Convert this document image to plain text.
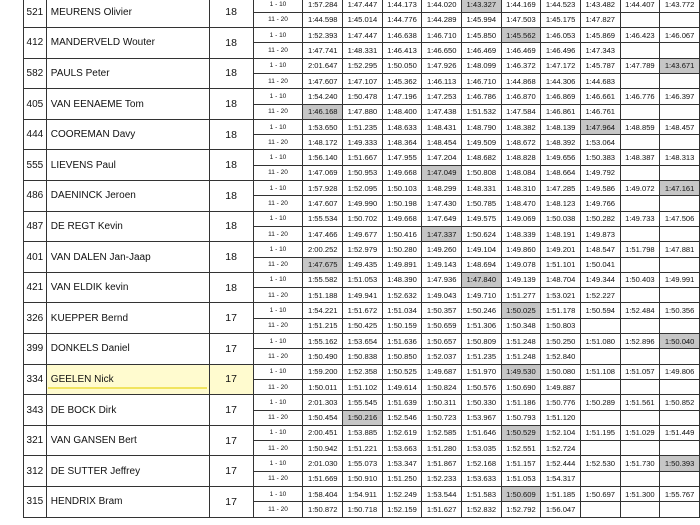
521	MEURENS Olivier	18	1 - 10	1:57.284	1:47.447	1:44.173	1:44.020	1:43.327	1:44.169	1:44.523	1:43.482	1:44.407	1:43.772
			11 - 20	1:44.598	1:45.014	1:44.776	1:44.289	1:45.994	1:47.503	1:45.175	1:47.827		
412	MANDERVELD Wouter	18	1 - 10	1:52.393	1:47.447	1:46.638	1:46.710	1:45.850	1:45.562	1:46.053	1:45.869	1:46.423	1:46.067
			11 - 20	1:47.741	1:48.331	1:46.413	1:46.650	1:46.469	1:46.469	1:46.496	1:47.343		
582	PAULS Peter	18	1 - 10	2:01.647	1:52.295	1:50.050	1:47.926	1:48.099	1:46.372	1:47.172	1:45.787	1:47.789	1:43.671
			11 - 20	1:47.607	1:47.107	1:45.362	1:46.113	1:46.710	1:44.868	1:44.306	1:44.683		
405	VAN EENAEME Tom	18	1 - 10	1:54.240	1:50.478	1:47.196	1:47.253	1:46.786	1:46.870	1:46.869	1:46.661	1:46.776	1:46.397
			11 - 20	1:46.168	1:47.880	1:48.400	1:47.438	1:51.532	1:47.584	1:46.861	1:46.761		
444	COOREMAN Davy	18	1 - 10	1:53.650	1:51.235	1:48.633	1:48.431	1:48.790	1:48.382	1:48.139	1:47.964	1:48.859	1:48.457
			11 - 20	1:48.172	1:49.333	1:48.364	1:48.454	1:49.509	1:48.672	1:48.392	1:53.064		
555	LIEVENS Paul	18	1 - 10	1:56.140	1:51.667	1:47.955	1:47.204	1:48.682	1:48.828	1:49.656	1:50.383	1:48.387	1:48.313
			11 - 20	1:47.069	1:50.953	1:49.668	1:47.049	1:50.808	1:48.084	1:48.664	1:49.792		
486	DAENINCK Jeroen	18	1 - 10	1:57.928	1:52.095	1:50.103	1:48.299	1:48.331	1:48.310	1:47.285	1:49.586	1:49.072	1:47.161
			11 - 20	1:47.607	1:49.990	1:50.198	1:47.430	1:50.785	1:48.470	1:48.123	1:49.766		
487	DE REGT Kevin	18	1 - 10	1:55.534	1:50.702	1:49.668	1:47.649	1:49.575	1:49.069	1:50.038	1:50.282	1:49.733	1:47.506
			11 - 20	1:47.466	1:49.677	1:50.416	1:47.337	1:50.624	1:48.339	1:48.191	1:49.873		
401	VAN DALEN Jan-Jaap	18	1 - 10	2:00.252	1:52.979	1:50.280	1:49.260	1:49.104	1:49.860	1:49.201	1:48.547	1:51.798	1:47.881
			11 - 20	1:47.675	1:49.435	1:49.891	1:49.143	1:48.694	1:49.078	1:51.101	1:50.041		
421	VAN ELDIK kevin	18	1 - 10	1:55.582	1:51.053	1:48.390	1:47.936	1:47.840	1:49.139	1:48.704	1:49.344	1:50.403	1:49.991
			11 - 20	1:51.188	1:49.941	1:52.632	1:49.043	1:49.710	1:51.277	1:53.021	1:52.227		
326	KUEPPER Bernd	17	1 - 10	1:54.221	1:51.672	1:51.034	1:50.357	1:50.246	1:50.025	1:51.178	1:50.594	1:52.484	1:50.356
			11 - 20	1:51.215	1:50.425	1:50.159	1:50.659	1:51.306	1:50.348	1:50.803			
399	DONKELS Daniel	17	1 - 10	1:55.162	1:53.654	1:51.636	1:50.657	1:50.809	1:51.248	1:50.250	1:51.080	1:52.896	1:50.040
			11 - 20	1:50.490	1:50.838	1:50.850	1:52.037	1:51.235	1:51.248	1:52.840			
334	GEELEN Nick	17	1 - 10	1:59.200	1:52.358	1:50.525	1:49.687	1:51.970	1:49.530	1:50.080	1:51.108	1:51.057	1:49.806
			11 - 20	1:50.011	1:51.102	1:49.614	1:50.824	1:50.576	1:50.690	1:49.887			
343	DE BOCK Dirk	17	1 - 10	2:01.303	1:55.545	1:51.639	1:50.311	1:50.330	1:51.186	1:50.776	1:50.289	1:51.561	1:50.852
			11 - 20	1:50.454	1:50.216	1:52.546	1:50.723	1:53.967	1:50.793	1:51.120			
321	VAN GANSEN Bert	17	1 - 10	2:00.451	1:53.885	1:52.619	1:52.585	1:51.646	1:50.529	1:52.104	1:51.195	1:51.029	1:51.449
			11 - 20	1:50.942	1:51.221	1:53.663	1:51.280	1:53.035	1:52.551	1:52.724			
312	DE SUTTER Jeffrey	17	1 - 10	2:01.030	1:55.073	1:53.347	1:51.867	1:52.168	1:51.157	1:52.444	1:52.530	1:51.730	1:50.393
			11 - 20	1:51.669	1:50.910	1:51.250	1:52.233	1:53.633	1:51.053	1:54.317			
315	HENDRIX Bram	17	1 - 10	1:58.404	1:54.911	1:52.249	1:53.544	1:51.583	1:50.609	1:51.185	1:50.697	1:51.300	1:55.767
			11 - 20	1:50.872	1:50.718	1:52.159	1:51.627	1:52.832	1:52.792	1:56.047			
